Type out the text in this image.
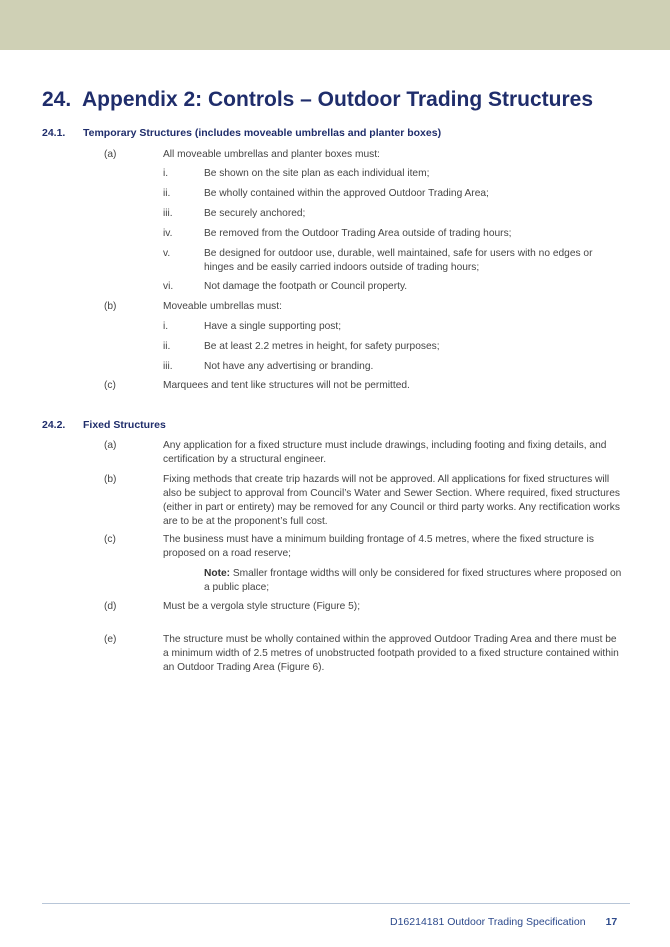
24. Appendix 2: Controls – Outdoor Trading Structures
24.1. Temporary Structures (includes moveable umbrellas and planter boxes)
(a)	All moveable umbrellas and planter boxes must:
i.	Be shown on the site plan as each individual item;
ii.	Be wholly contained within the approved Outdoor Trading Area;
iii.	Be securely anchored;
iv.	Be removed from the Outdoor Trading Area outside of trading hours;
v.	Be designed for outdoor use, durable, well maintained, safe for users with no edges or hinges and be easily carried indoors outside of trading hours;
vi.	Not damage the footpath or Council property.
(b)	Moveable umbrellas must:
i.	Have a single supporting post;
ii.	Be at least 2.2 metres in height, for safety purposes;
iii.	Not have any advertising or branding.
(c)	Marquees and tent like structures will not be permitted.
24.2. Fixed Structures
(a)	Any application for a fixed structure must include drawings, including footing and fixing details, and certification by a structural engineer.
(b)	Fixing methods that create trip hazards will not be approved. All applications for fixed structures will also be subject to approval from Council’s Water and Sewer Section. Where required, fixed structures (either in part or entirety) may be removed for any Council or third party works. Any rectification works are to be at the proponent’s full cost.
(c)	The business must have a minimum building frontage of 4.5 metres, where the fixed structure is proposed on a road reserve;
Note: Smaller frontage widths will only be considered for fixed structures where proposed on a public place;
(d)	Must be a vergola style structure (Figure 5);
(e)	The structure must be wholly contained within the approved Outdoor Trading Area and there must be a minimum width of 2.5 metres of unobstructed footpath provided to a fixed structure contained within an Outdoor Trading Area (Figure 6).
D16214181 Outdoor Trading Specification 17
